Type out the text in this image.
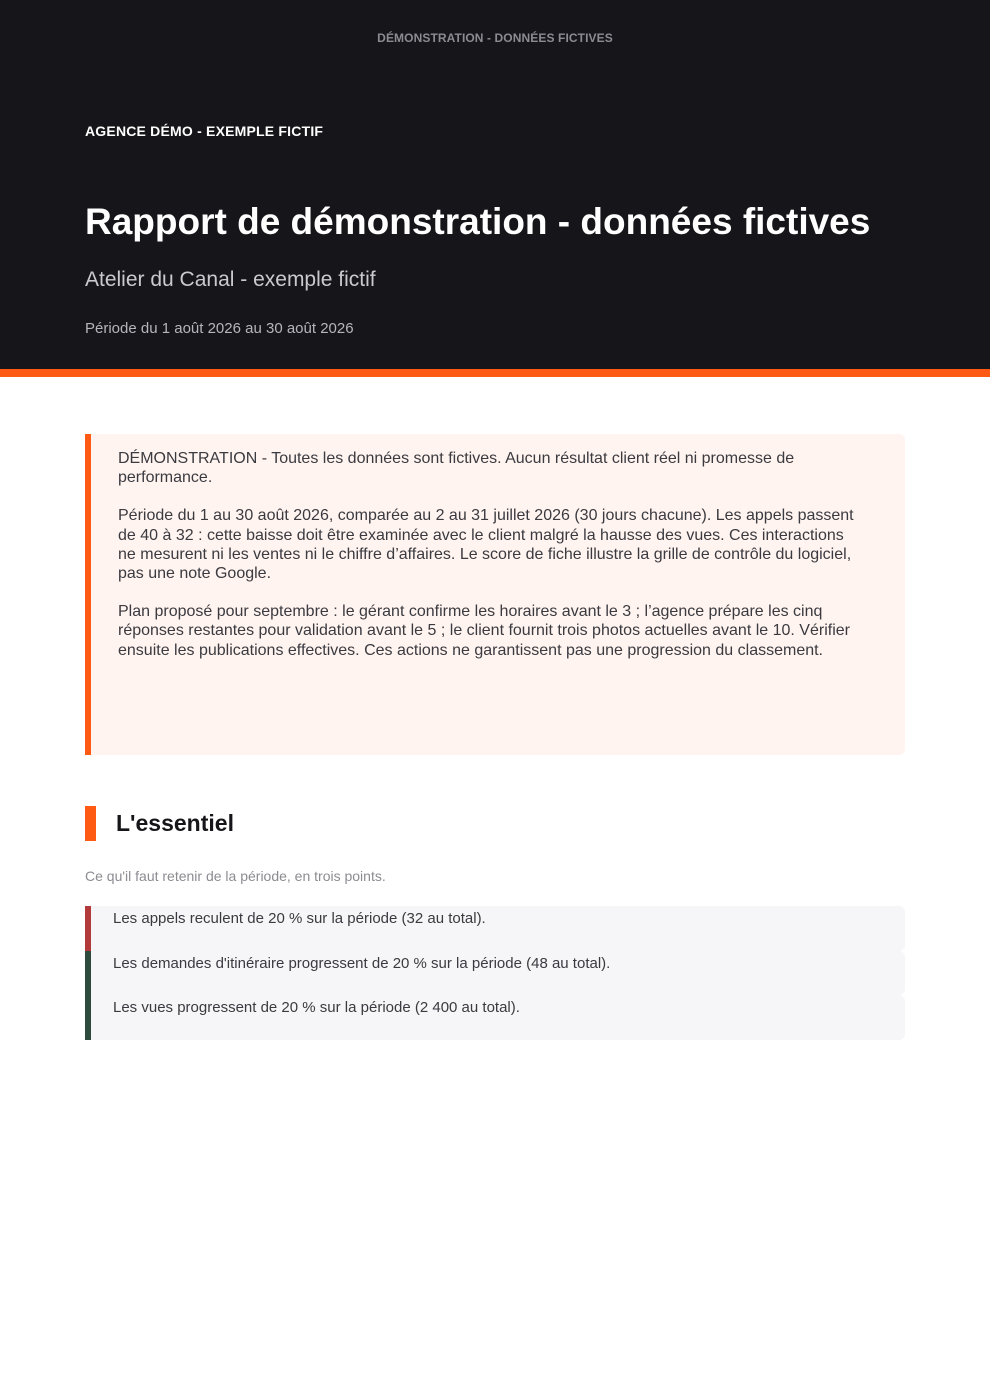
DÉMONSTRATION - DONNÉES FICTIVES
AGENCE DÉMO - EXEMPLE FICTIF
Rapport de démonstration - données fictives
Atelier du Canal - exemple fictif
Période du 1 août 2026 au 30 août 2026

DÉMONSTRATION - Toutes les données sont fictives. Aucun résultat client réel ni promesse de performance.

Période du 1 au 30 août 2026, comparée au 2 au 31 juillet 2026 (30 jours chacune). Les appels passent de 40 à 32 : cette baisse doit être examinée avec le client malgré la hausse des vues. Ces interactions ne mesurent ni les ventes ni le chiffre d’affaires. Le score de fiche illustre la grille de contrôle du logiciel, pas une note Google.

Plan proposé pour septembre : le gérant confirme les horaires avant le 3 ; l’agence prépare les cinq réponses restantes pour validation avant le 5 ; le client fournit trois photos actuelles avant le 10. Vérifier ensuite les publications effectives. Ces actions ne garantissent pas une progression du classement.

L'essentiel
Ce qu'il faut retenir de la période, en trois points.
Les appels reculent de 20 % sur la période (32 au total).
Les demandes d'itinéraire progressent de 20 % sur la période (48 au total).
Les vues progressent de 20 % sur la période (2 400 au total).
